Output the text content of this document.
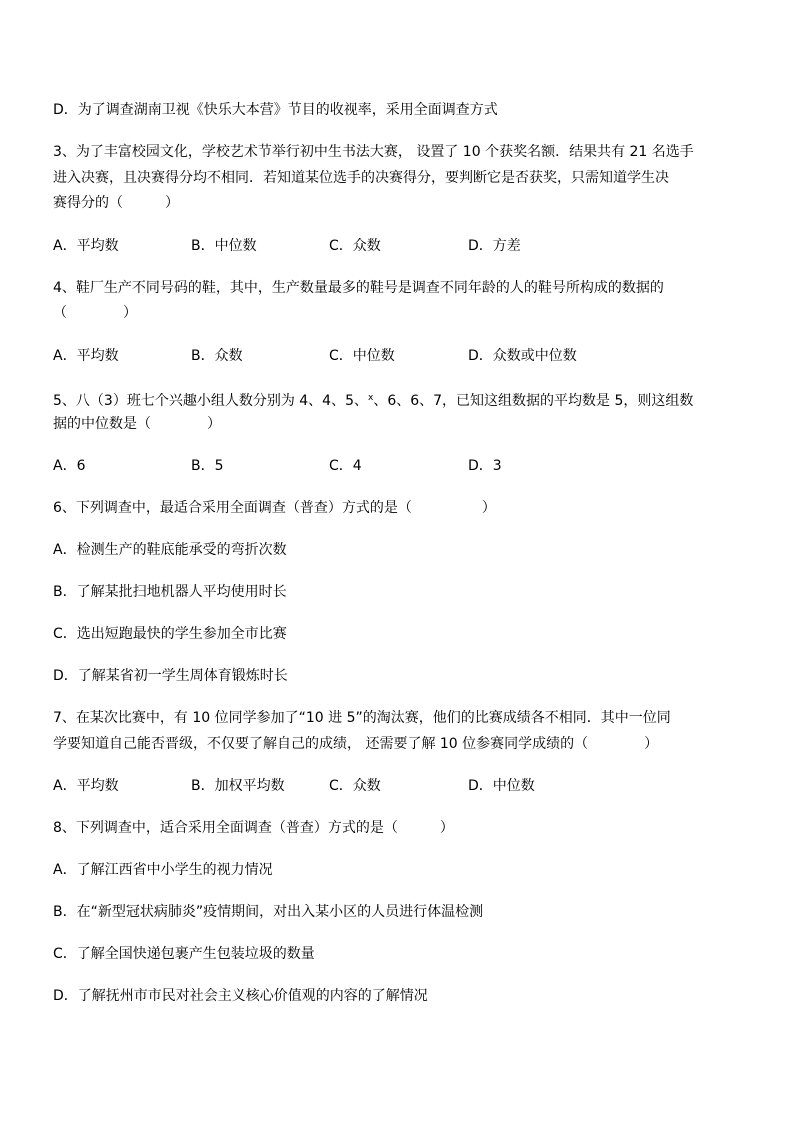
D．为了调查湖南卫视《快乐大本营》节目的收视率，采用全面调查方式
3、为了丰富校园文化，学校艺术节举行初中生书法大赛， 设置了 10 个获奖名额．结果共有 21 名选手
进入决赛，且决赛得分均不相同．若知道某位选手的决赛得分，要判断它是否获奖，只需知道学生决
赛得分的（　　　）
A．平均数	B．中位数	C．众数	D．方差
4、鞋厂生产不同号码的鞋，其中，生产数量最多的鞋号是调查不同年龄的人的鞋号所构成的数据的
（　　　　）
A．平均数	B．众数	C．中位数	D．众数或中位数
5、八（3）班七个兴趣小组人数分别为 4、4、5、$^x$、6、6、7，已知这组数据的平均数是 5，则这组数
据的中位数是（　　　　）
A．6	B．5	C．4	D．3
6、下列调查中，最适合采用全面调查（普查）方式的是（　　　　　）
A．检测生产的鞋底能承受的弯折次数
B．了解某批扫地机器人平均使用时长
C．选出短跑最快的学生参加全市比赛
D．了解某省初一学生周体育锻炼时长
7、在某次比赛中，有 10 位同学参加了“10 进 5”的淘汰赛，他们的比赛成绩各不相同．其中一位同
学要知道自己能否晋级，不仅要了解自己的成绩， 还需要了解 10 位参赛同学成绩的（　　　　）
A．平均数	B．加权平均数	C．众数	D．中位数
8、下列调查中，适合采用全面调查（普查）方式的是（　　　）
A．了解江西省中小学生的视力情况
B．在“新型冠状病肺炎”疫情期间，对出入某小区的人员进行体温检测
C．了解全国快递包裹产生包装垃圾的数量
D．了解抚州市市民对社会主义核心价值观的内容的了解情况
